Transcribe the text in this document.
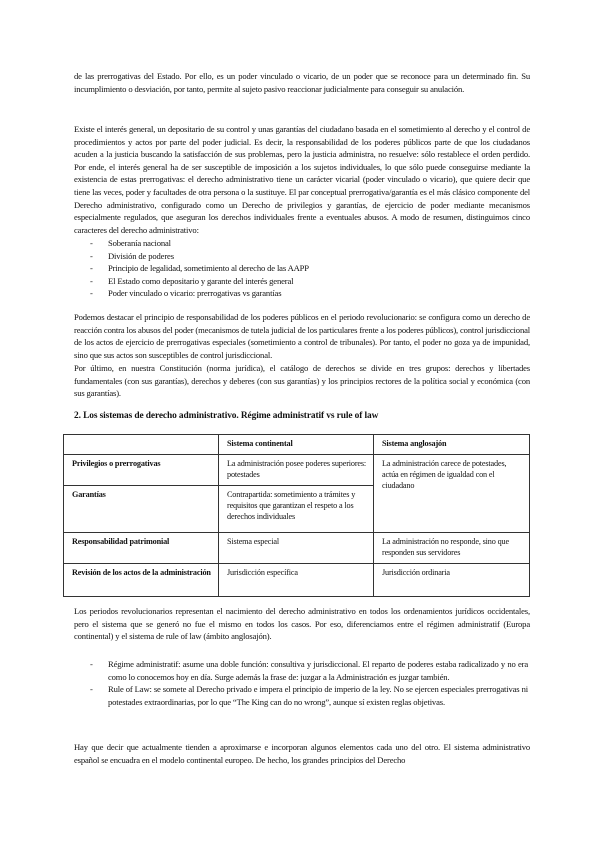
de las prerrogativas del Estado. Por ello, es un poder vinculado o vicario, de un poder que se reconoce para un determinado fin. Su incumplimiento o desviación, por tanto, permite al sujeto pasivo reaccionar judicialmente para conseguir su anulación.

Existe el interés general, un depositario de su control y unas garantías del ciudadano basada en el sometimiento al derecho y el control de procedimientos y actos por parte del poder judicial. Es decir, la responsabilidad de los poderes públicos parte de que los ciudadanos acuden a la justicia buscando la satisfacción de sus problemas, pero la justicia administra, no resuelve: sólo restablece el orden perdido. Por ende, el interés general ha de ser susceptible de imposición a los sujetos individuales, lo que sólo puede conseguirse mediante la existencia de estas prerrogativas: el derecho administrativo tiene un carácter vicarial (poder vinculado o vicario), que quiere decir que tiene las veces, poder y facultades de otra persona o la sustituye. El par conceptual prerrogativa/garantía es el más clásico componente del Derecho administrativo, configurado como un Derecho de privilegios y garantías, de ejercicio de poder mediante mecanismos especialmente regulados, que aseguran los derechos individuales frente a eventuales abusos. A modo de resumen, distinguimos cinco caracteres del derecho administrativo:

- Soberanía nacional
- División de poderes
- Principio de legalidad, sometimiento al derecho de las AAPP
- El Estado como depositario y garante del interés general
- Poder vinculado o vicario: prerrogativas vs garantías

Podemos destacar el principio de responsabilidad de los poderes públicos en el periodo revolucionario: se configura como un derecho de reacción contra los abusos del poder (mecanismos de tutela judicial de los particulares frente a los poderes públicos), control jurisdiccional de los actos de ejercicio de prerrogativas especiales (sometimiento a control de tribunales). Por tanto, el poder no goza ya de impunidad, sino que sus actos son susceptibles de control jurisdiccional.

Por último, en nuestra Constitución (norma jurídica), el catálogo de derechos se divide en tres grupos: derechos y libertades fundamentales (con sus garantías), derechos y deberes (con sus garantías) y los principios rectores de la política social y económica (con sus garantías).

2. Los sistemas de derecho administrativo. Régime administratif vs rule of law
	Sistema continental	Sistema anglosajón
Privilegios o prerrogativas	La administración posee poderes superiores: potestades	La administración carece de potestades, actúa en régimen de igualdad con el ciudadano
Garantías	Contrapartida: sometimiento a trámites y requisitos que garantizan el respeto a los derechos individuales	
Responsabilidad patrimonial	Sistema especial	La administración no responde, sino que responden sus servidores
Revisión de los actos de la administración	Jurisdicción específica	Jurisdicción ordinaria

Los periodos revolucionarios representan el nacimiento del derecho administrativo en todos los ordenamientos jurídicos occidentales, pero el sistema que se generó no fue el mismo en todos los casos. Por eso, diferenciamos entre el régimen administratif (Europa continental) y el sistema de rule of law (ámbito anglosajón).

- Régime administratif: asume una doble función: consultiva y jurisdiccional. El reparto de poderes estaba radicalizado y no era como lo conocemos hoy en día. Surge además la frase de: juzgar a la Administración es juzgar también.
- Rule of Law: se somete al Derecho privado e impera el principio de imperio de la ley. No se ejercen especiales prerrogativas ni potestades extraordinarias, por lo que “The King can do no wrong”, aunque sí existen reglas objetivas.

Hay que decir que actualmente tienden a aproximarse e incorporan algunos elementos cada uno del otro. El sistema administrativo español se encuadra en el modelo continental europeo. De hecho, los grandes principios del Derecho
